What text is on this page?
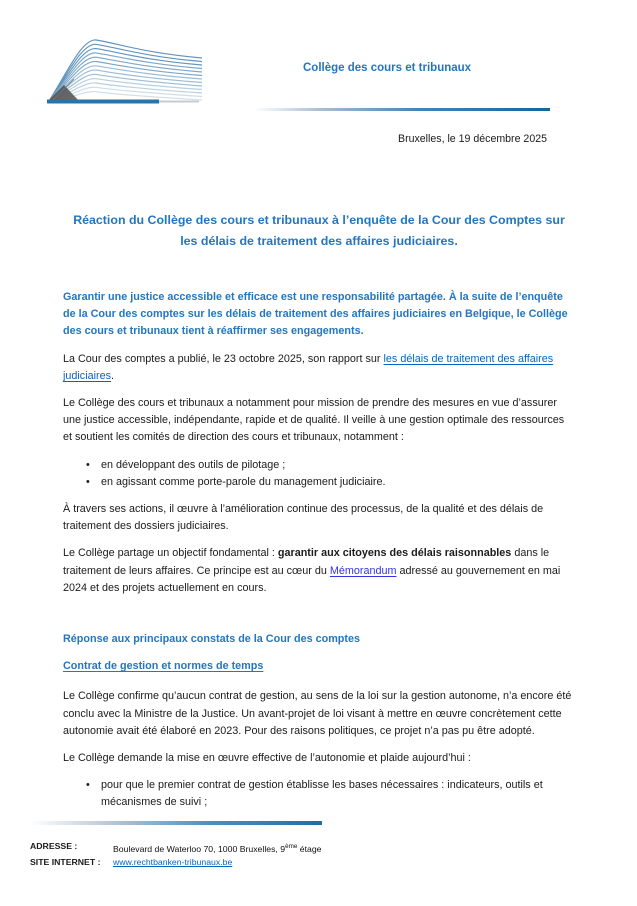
Collège des cours et tribunaux
Bruxelles, le 19 décembre 2025
Réaction du Collège des cours et tribunaux à l’enquête de la Cour des Comptes sur les délais de traitement des affaires judiciaires.

Garantir une justice accessible et efficace est une responsabilité partagée. À la suite de l’enquête de la Cour des comptes sur les délais de traitement des affaires judiciaires en Belgique, le Collège des cours et tribunaux tient à réaffirmer ses engagements.

La Cour des comptes a publié, le 23 octobre 2025, son rapport sur les délais de traitement des affaires judiciaires.

Le Collège des cours et tribunaux a notamment pour mission de prendre des mesures en vue d’assurer une justice accessible, indépendante, rapide et de qualité. Il veille à une gestion optimale des ressources et soutient les comités de direction des cours et tribunaux, notamment :

• en développant des outils de pilotage ;
• en agissant comme porte-parole du management judiciaire.

À travers ses actions, il œuvre à l’amélioration continue des processus, de la qualité et des délais de traitement des dossiers judiciaires.

Le Collège partage un objectif fondamental : garantir aux citoyens des délais raisonnables dans le traitement de leurs affaires. Ce principe est au cœur du Mémorandum adressé au gouvernement en mai 2024 et des projets actuellement en cours.

Réponse aux principaux constats de la Cour des comptes
Contrat de gestion et normes de temps

Le Collège confirme qu’aucun contrat de gestion, au sens de la loi sur la gestion autonome, n’a encore été conclu avec la Ministre de la Justice. Un avant-projet de loi visant à mettre en œuvre concrètement cette autonomie avait été élaboré en 2023. Pour des raisons politiques, ce projet n’a pas pu être adopté.

Le Collège demande la mise en œuvre effective de l’autonomie et plaide aujourd’hui :

• pour que le premier contrat de gestion établisse les bases nécessaires : indicateurs, outils et mécanismes de suivi ;
ADRESSE :	Boulevard de Waterloo 70, 1000 Bruxelles, 9ème étage
SITE INTERNET :	www.rechtbanken-tribunaux.be
